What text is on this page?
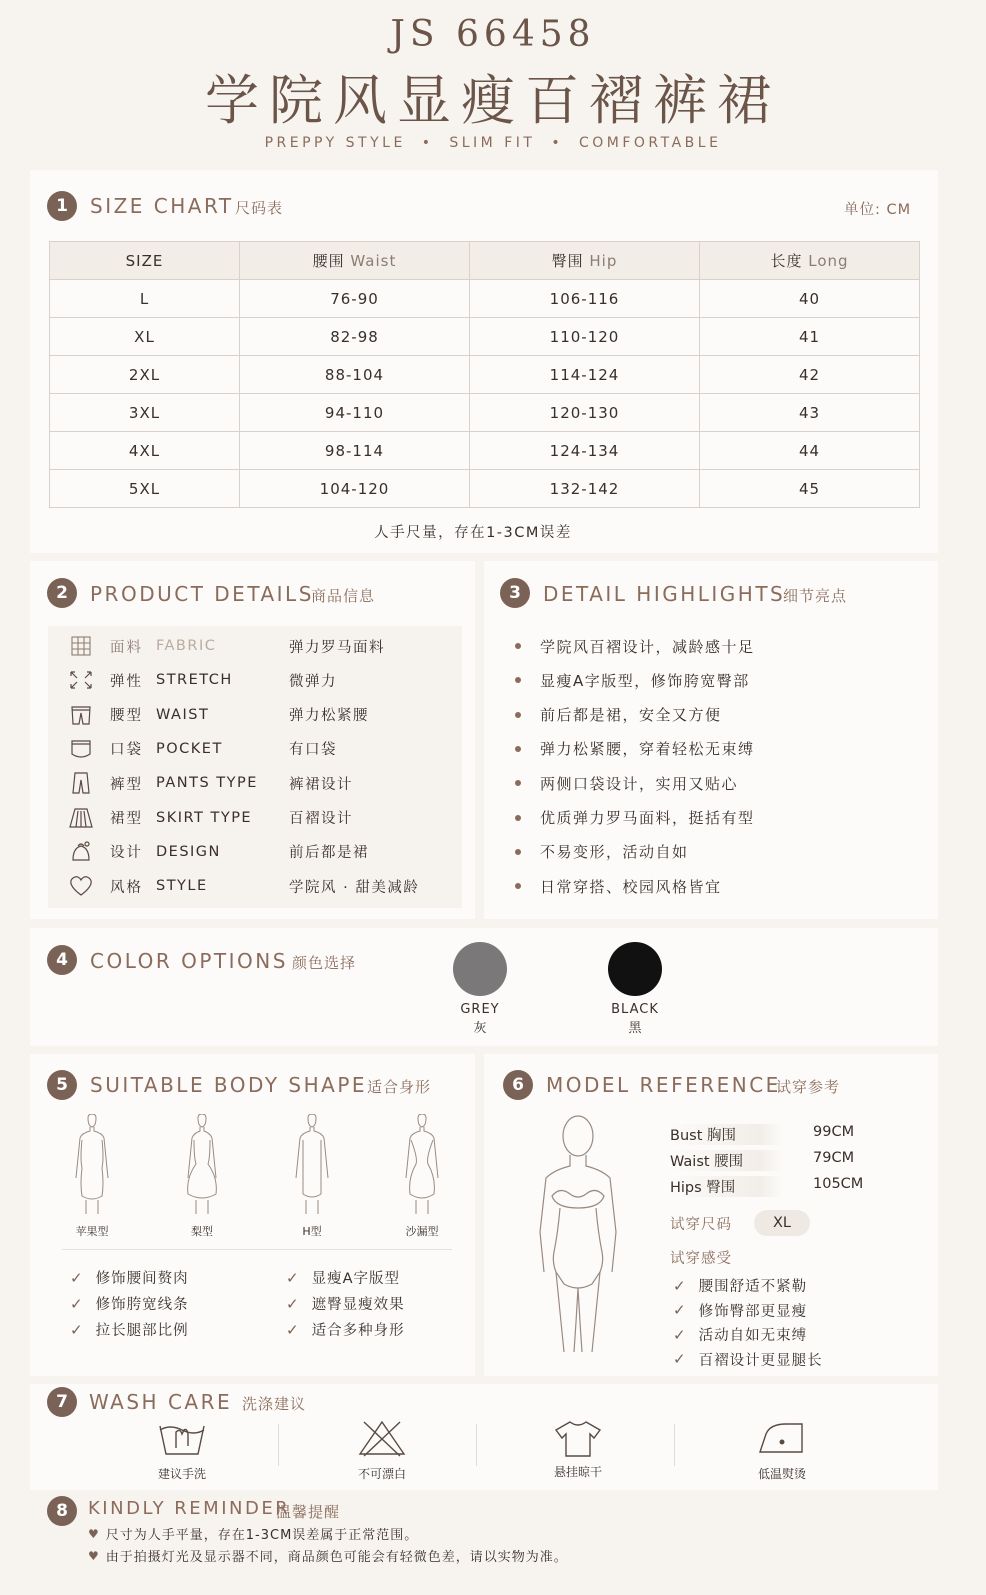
JS 66458
学院风显瘦百褶裤裙
PREPPY STYLE  •  SLIM FIT  •  COMFORTABLE
1	SIZE CHART 尺码表	单位: CM
SIZE	腰围 Waist	臀围 Hip	长度 Long
L	76-90	106-116	40
XL	82-98	110-120	41
2XL	88-104	114-124	42
3XL	94-110	120-130	43
4XL	98-114	124-134	44
5XL	104-120	132-142	45
人手尺量，存在1-3CM误差
2	PRODUCT DETAILS
商品信息
面料 FABRIC	弹力罗马面料
弹性 STRETCH	微弹力
腰型 WAIST	弹力松紧腰
口袋 POCKET	有口袋
裤型 PANTS TYPE	裤裙设计
裙型 SKIRT TYPE	百褶设计
设计 DESIGN	前后都是裙
风格 STYLE	学院风 · 甜美减龄
3	DETAIL HIGHLIGHTS
细节亮点
学院风百褶设计，减龄感十足
显瘦A字版型，修饰胯宽臀部
前后都是裙，安全又方便
弹力松紧腰，穿着轻松无束缚
两侧口袋设计，实用又贴心
优质弹力罗马面料，挺括有型
不易变形，活动自如
日常穿搭、校园风格皆宜
4	COLOR OPTIONS 颜色选择
GREY
灰
BLACK
黑
5	SUITABLE BODY SHAPE 适合身形
苹果型	梨型	H型	沙漏型
✓ 修饰腰间赘肉
✓ 修饰胯宽线条
✓ 拉长腿部比例
✓ 显瘦A字版型
✓ 遮臀显瘦效果
✓ 适合多种身形
6	MODEL REFERENCE
试穿参考
Bust 胸围	99CM
Waist 腰围	79CM
Hips 臀围	105CM
试穿尺码	XL
试穿感受
✓ 腰围舒适不紧勒
✓ 修饰臀部更显瘦
✓ 活动自如无束缚
✓ 百褶设计更显腿长
7	WASH CARE 洗涤建议
建议手洗	不可漂白	悬挂晾干	低温熨烫
8	KINDLY REMINDER
温馨提醒
♥ 尺寸为人手平量，存在1-3CM误差属于正常范围。
♥ 由于拍摄灯光及显示器不同，商品颜色可能会有轻微色差，请以实物为准。
